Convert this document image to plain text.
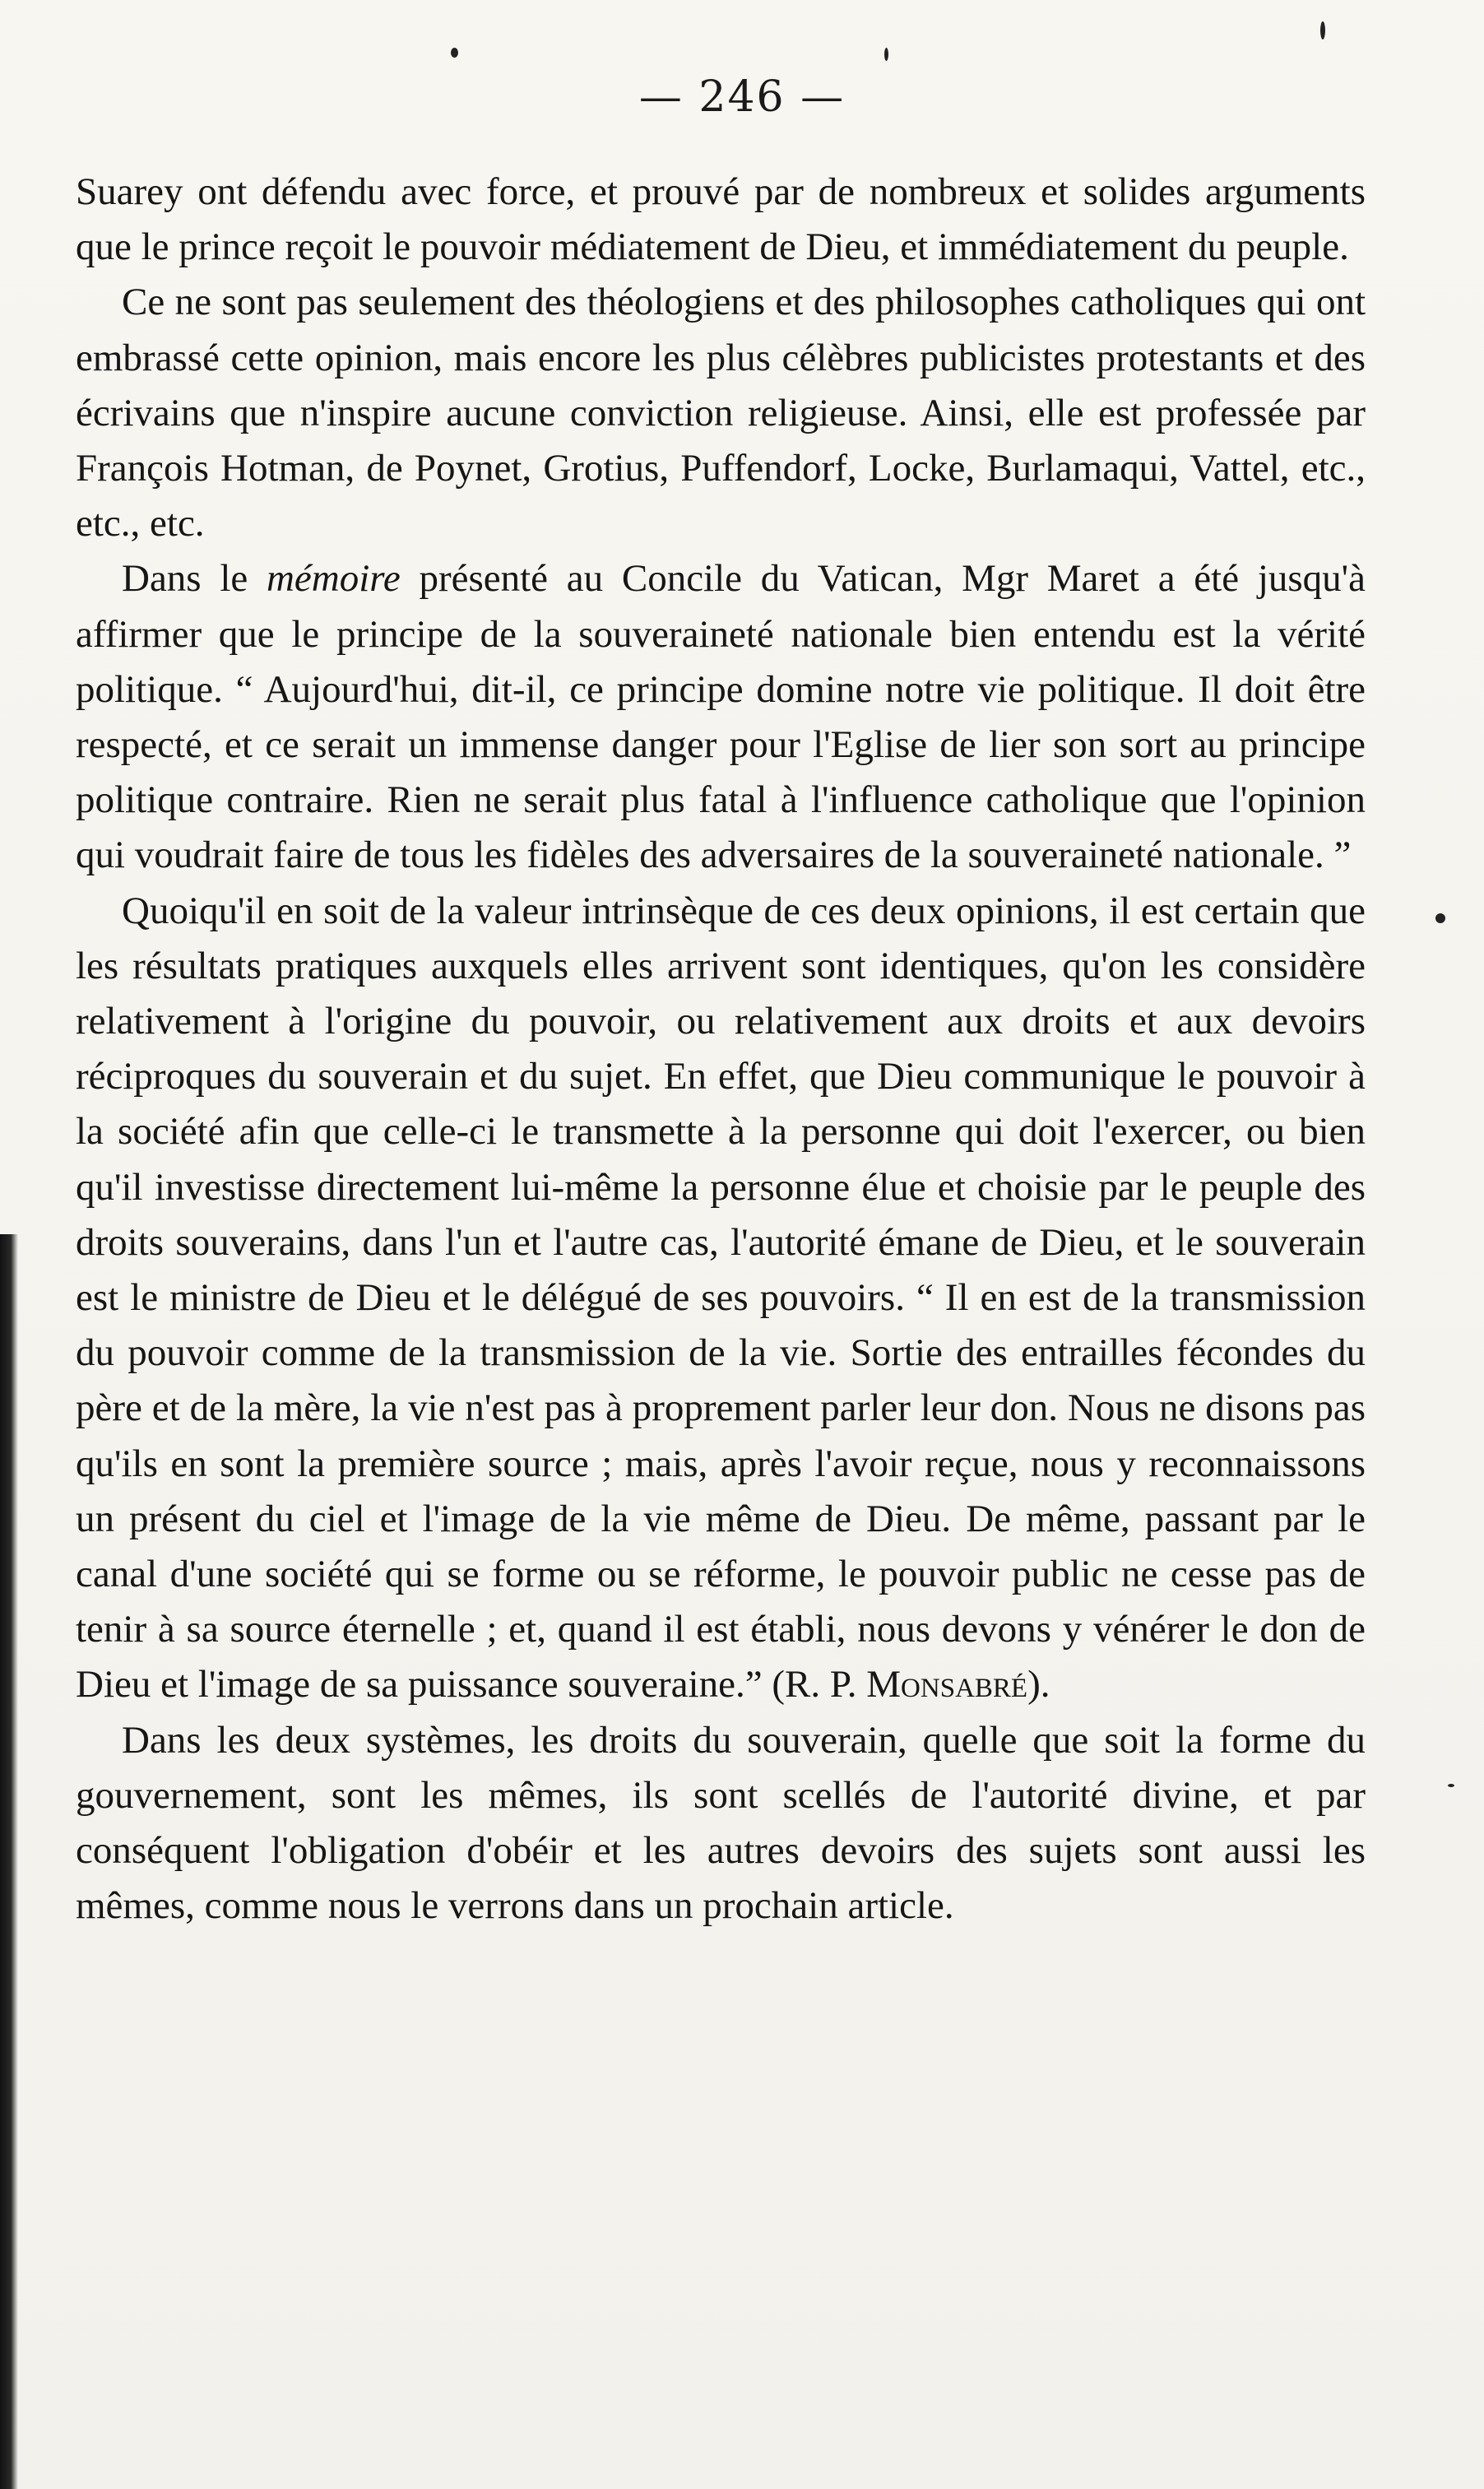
— 246 —

Suarey ont défendu avec force, et prouvé par de nombreux et solides arguments que le prince reçoit le pouvoir médiatement de Dieu, et immédiatement du peuple.

Ce ne sont pas seulement des théologiens et des philosophes catholiques qui ont embrassé cette opinion, mais encore les plus célèbres publicistes protestants et des écrivains que n'inspire aucune conviction religieuse. Ainsi, elle est professée par François Hotman, de Poynet, Grotius, Puffendorf, Locke, Burlamaqui, Vattel, etc., etc., etc.

Dans le mémoire présenté au Concile du Vatican, Mgr Maret a été jusqu'à affirmer que le principe de la souveraineté nationale bien entendu est la vérité politique. “ Aujourd'hui, dit-il, ce principe domine notre vie politique. Il doit être respecté, et ce serait un immense danger pour l'Eglise de lier son sort au principe politique contraire. Rien ne serait plus fatal à l'influence catholique que l'opinion qui voudrait faire de tous les fidèles des adversaires de la souveraineté nationale. ”

Quoiqu'il en soit de la valeur intrinsèque de ces deux opinions, il est certain que les résultats pratiques auxquels elles arrivent sont identiques, qu'on les considère relativement à l'origine du pouvoir, ou relativement aux droits et aux devoirs réciproques du souverain et du sujet. En effet, que Dieu communique le pouvoir à la société afin que celle-ci le transmette à la personne qui doit l'exercer, ou bien qu'il investisse directement lui-même la personne élue et choisie par le peuple des droits souverains, dans l'un et l'autre cas, l'autorité émane de Dieu, et le souverain est le ministre de Dieu et le délégué de ses pouvoirs. “ Il en est de la transmission du pouvoir comme de la transmission de la vie. Sortie des entrailles fécondes du père et de la mère, la vie n'est pas à proprement parler leur don. Nous ne disons pas qu'ils en sont la première source ; mais, après l'avoir reçue, nous y reconnaissons un présent du ciel et l'image de la vie même de Dieu. De même, passant par le canal d'une société qui se forme ou se réforme, le pouvoir public ne cesse pas de tenir à sa source éternelle ; et, quand il est établi, nous devons y vénérer le don de Dieu et l'image de sa puissance souveraine.” (R. P. Monsabré).

Dans les deux systèmes, les droits du souverain, quelle que soit la forme du gouvernement, sont les mêmes, ils sont scellés de l'autorité divine, et par conséquent l'obligation d'obéir et les autres devoirs des sujets sont aussi les mêmes, comme nous le verrons dans un prochain article.
